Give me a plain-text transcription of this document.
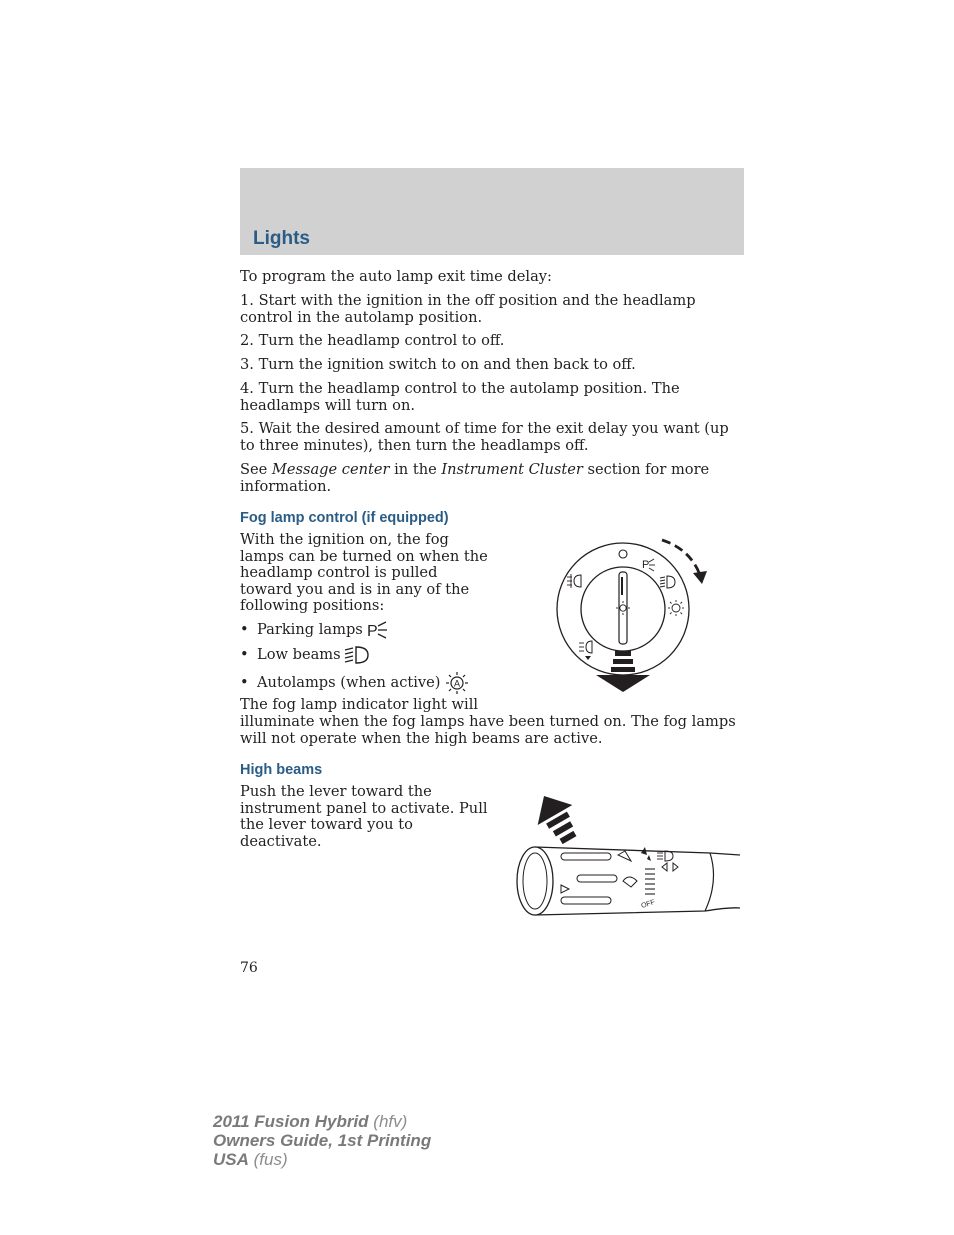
Lights

To program the auto lamp exit time delay:

1. Start with the ignition in the off position and the headlamp control in the autolamp position.

2. Turn the headlamp control to off.

3. Turn the ignition switch to on and then back to off.

4. Turn the headlamp control to the autolamp position. The headlamps will turn on.

5. Wait the desired amount of time for the exit delay you want (up to three minutes), then turn the headlamps off.

See Message center in the Instrument Cluster section for more information.

Fog lamp control (if equipped)

With the ignition on, the fog lamps can be turned on when the headlamp control is pulled toward you and is in any of the following positions:

• Parking lamps P
• Low beams
• Autolamps (when active) A

The fog lamp indicator light will

illuminate when the fog lamps have been turned on. The fog lamps will not operate when the high beams are active.

P
High beams

Push the lever toward the instrument panel to activate. Pull the lever toward you to deactivate.

OFF
76
2011 Fusion Hybrid (hfv)
Owners Guide, 1st Printing
USA (fus)
